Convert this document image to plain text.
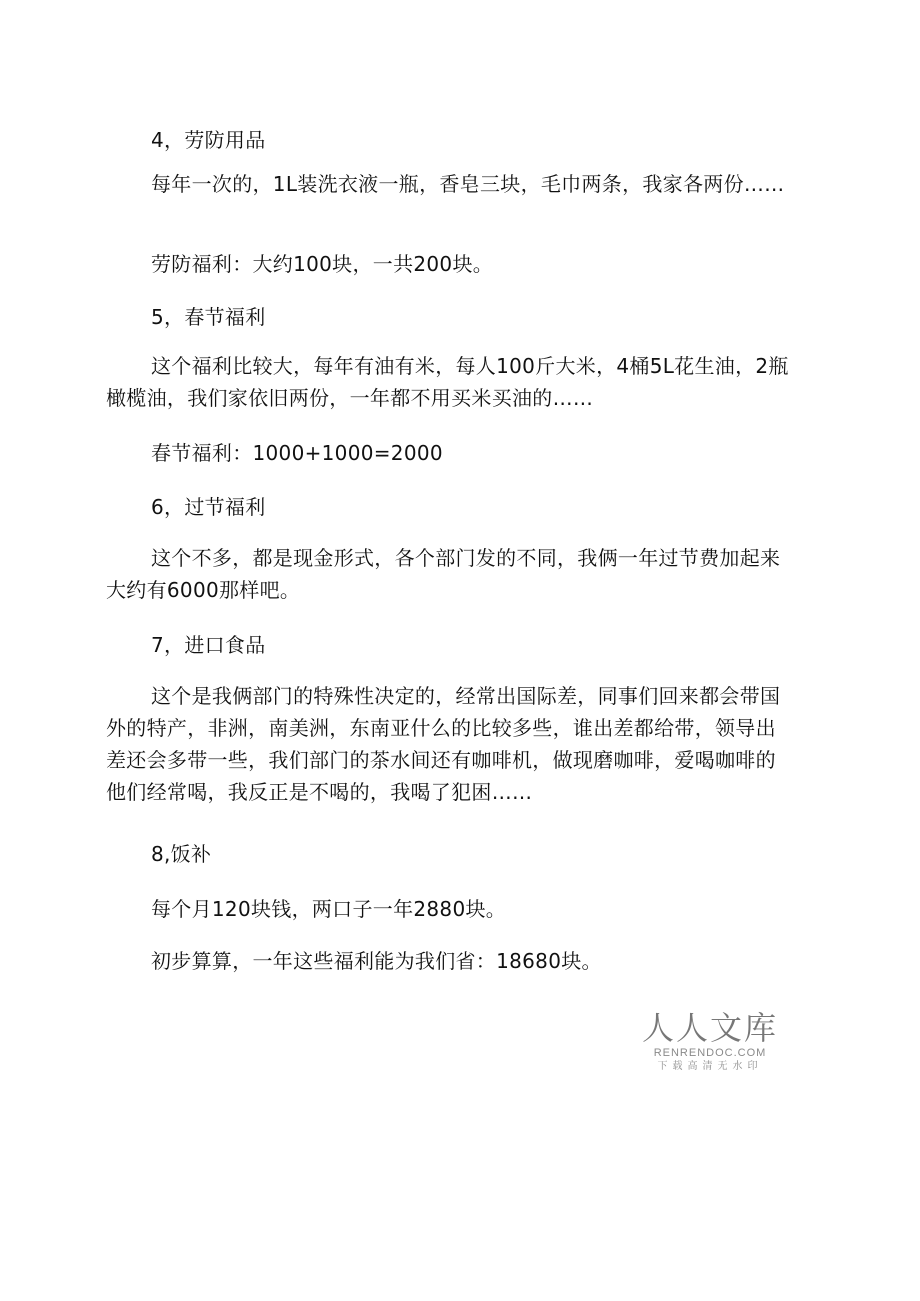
4，劳防用品

每年一次的，1L装洗衣液一瓶，香皂三块，毛巾两条，我家各两份……

劳防福利：大约100块，一共200块。

5，春节福利

这个福利比较大，每年有油有米，每人100斤大米，4桶5L花生油，2瓶橄榄油，我们家依旧两份，一年都不用买米买油的……

春节福利：1000+1000=2000

6，过节福利

这个不多，都是现金形式，各个部门发的不同，我俩一年过节费加起来大约有6000那样吧。

7，进口食品

这个是我俩部门的特殊性决定的，经常出国际差，同事们回来都会带国外的特产，非洲，南美洲，东南亚什么的比较多些，谁出差都给带，领导出差还会多带一些，我们部门的茶水间还有咖啡机，做现磨咖啡，爱喝咖啡的他们经常喝，我反正是不喝的，我喝了犯困……

8,饭补

每个月120块钱，两口子一年2880块。

初步算算，一年这些福利能为我们省：18680块。

人人文库
RENRENDOC.COM
下载高清无水印
